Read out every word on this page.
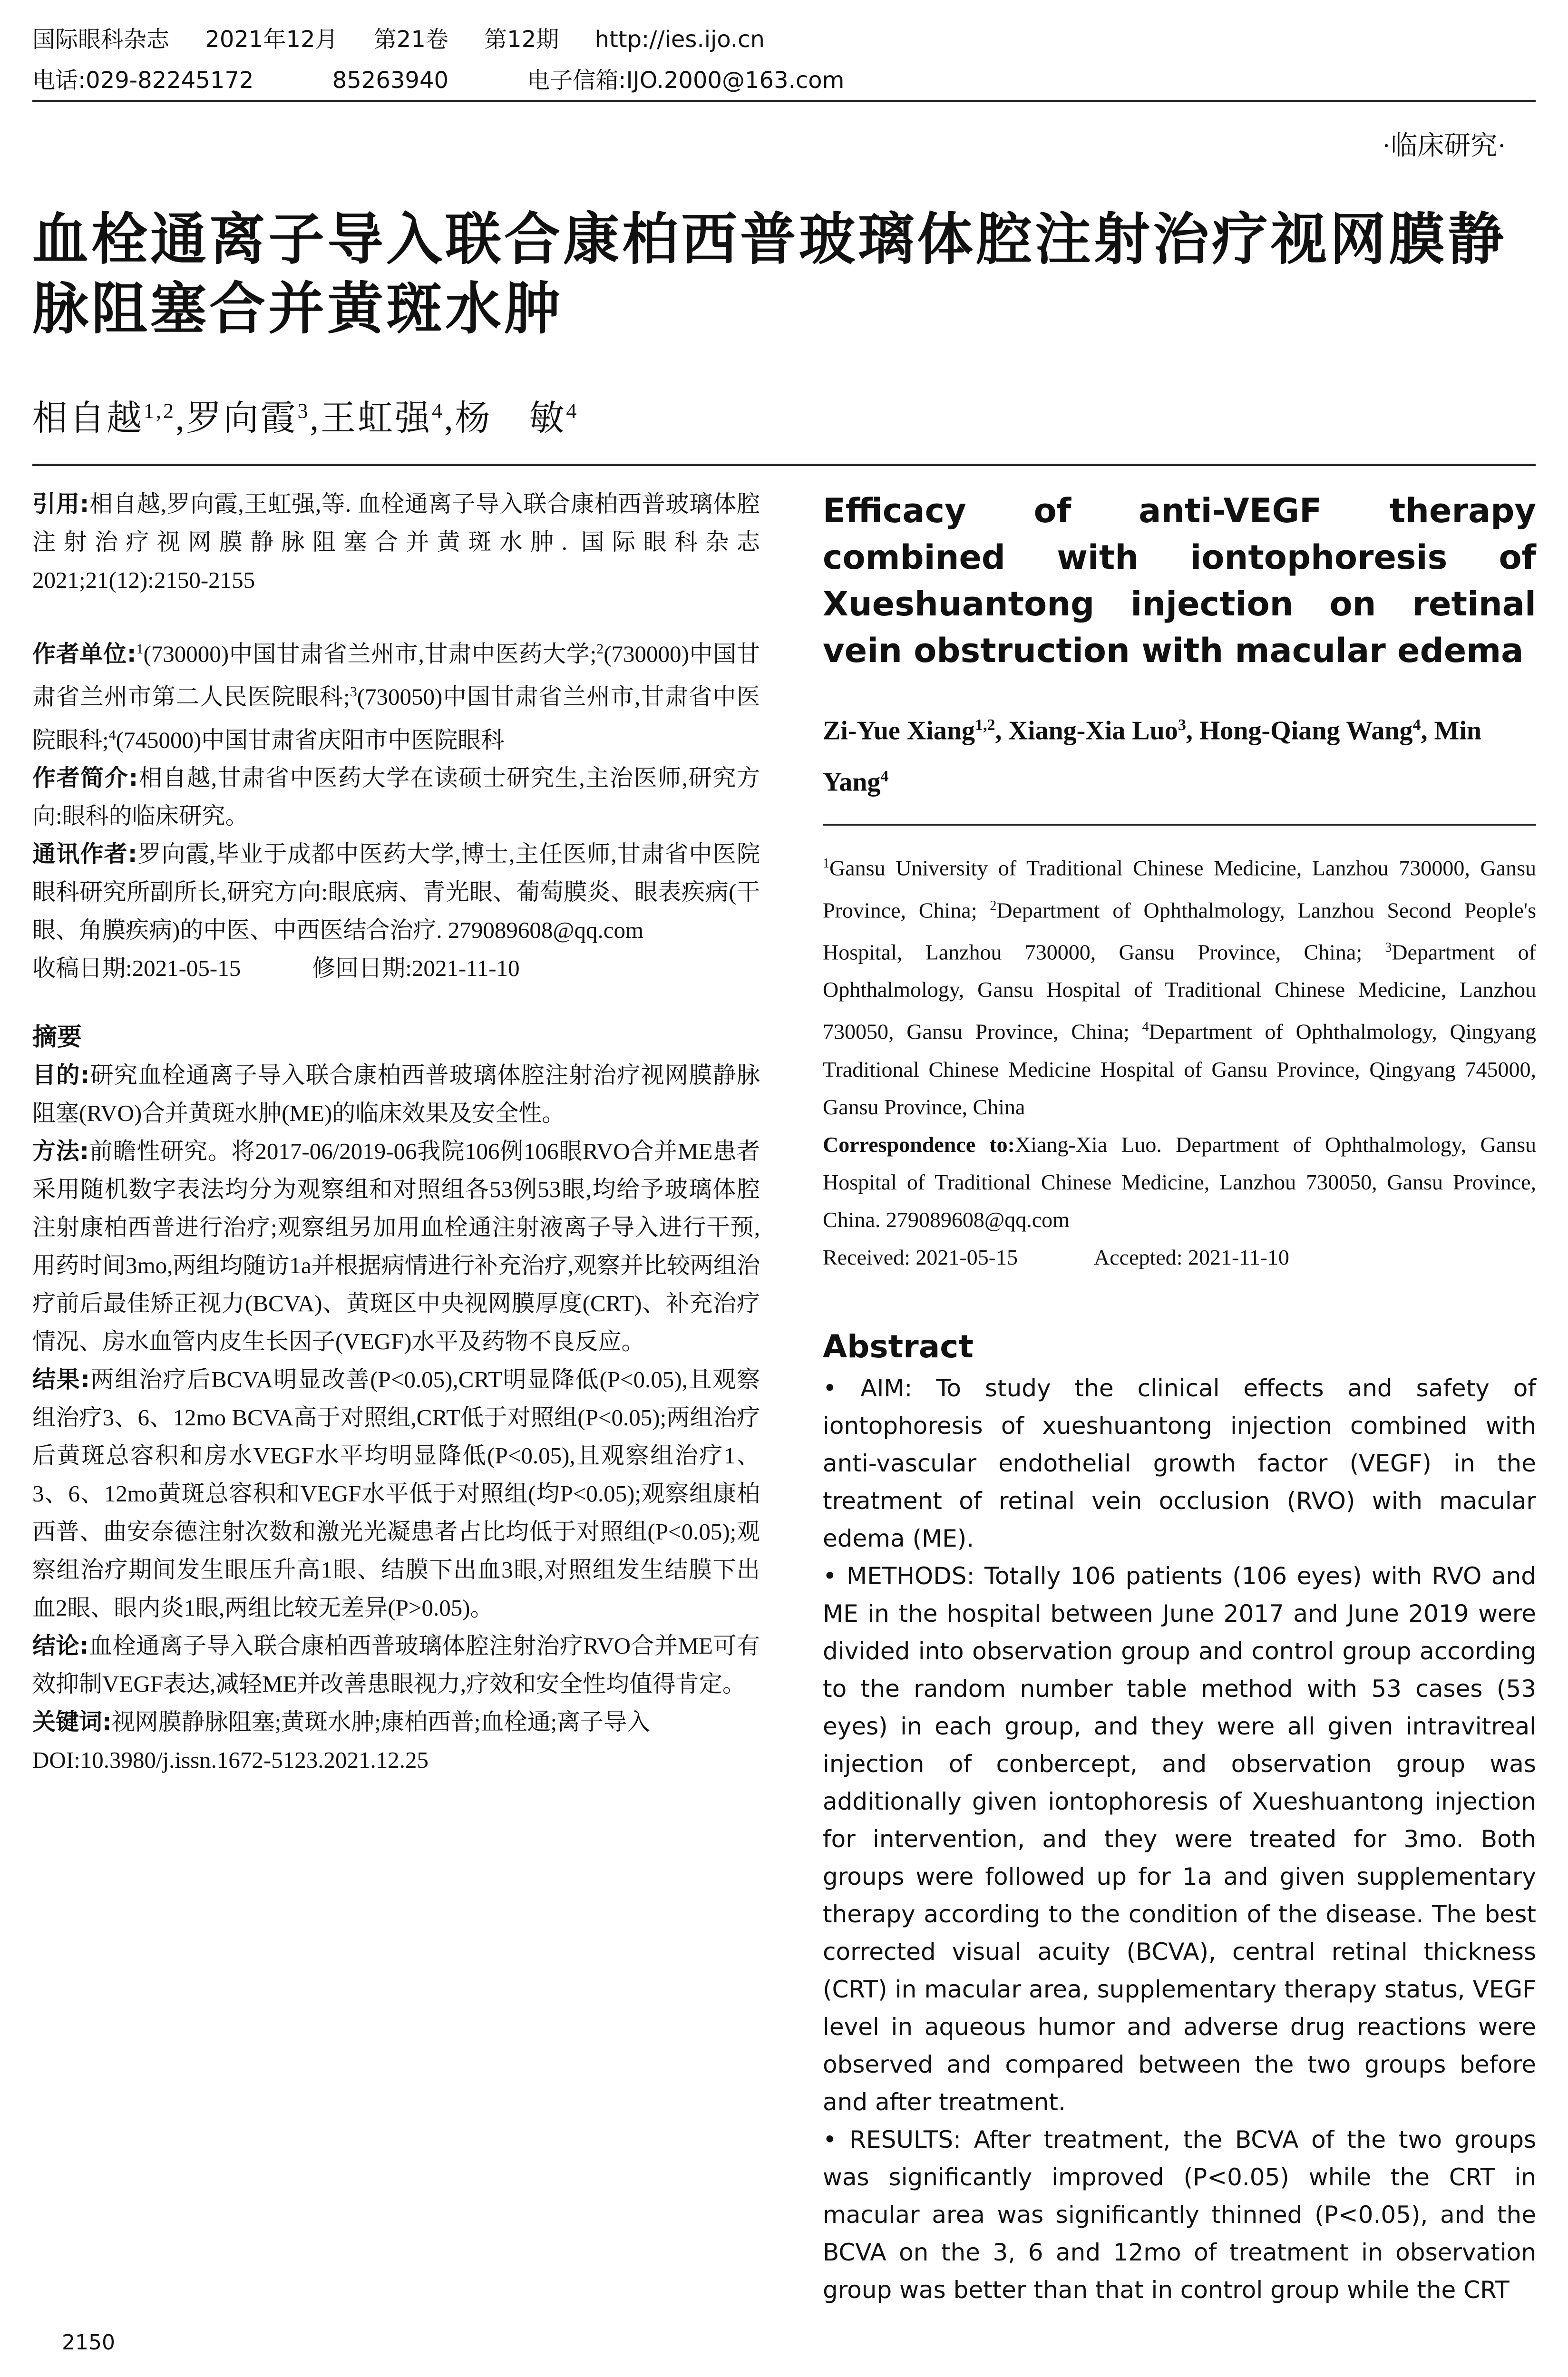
国际眼科杂志 2021年12月 第21卷 第12期 http://ies.ijo.cn
电话:029-82245172	85263940	电子信箱:IJO.2000@163.com
·临床研究·
血栓通离子导入联合康柏西普玻璃体腔注射治疗视网膜静脉阻塞合并黄斑水肿
相自越$^{1,2}$,罗向霞$^3$,王虹强$^4$,杨　敏$^4$

引用:相自越,罗向霞,王虹强,等. 血栓通离子导入联合康柏西普玻璃体腔注射治疗视网膜静脉阻塞合并黄斑水肿. 国际眼科杂志 2021;21(12):2150-2155

作者单位:$^1$(730000)中国甘肃省兰州市,甘肃中医药大学;$^2$(730000)中国甘肃省兰州市第二人民医院眼科;$^3$(730050)中国甘肃省兰州市,甘肃省中医院眼科;$^4$(745000)中国甘肃省庆阳市中医院眼科

作者简介:相自越,甘肃省中医药大学在读硕士研究生,主治医师,研究方向:眼科的临床研究。

通讯作者:罗向霞,毕业于成都中医药大学,博士,主任医师,甘肃省中医院眼科研究所副所长,研究方向:眼底病、青光眼、葡萄膜炎、眼表疾病(干眼、角膜疾病)的中医、中西医结合治疗. 279089608@qq.com

收稿日期:2021-05-15	修回日期:2021-11-10

摘要

目的:研究血栓通离子导入联合康柏西普玻璃体腔注射治疗视网膜静脉阻塞(RVO)合并黄斑水肿(ME)的临床效果及安全性。

方法:前瞻性研究。将2017-06/2019-06我院106例106眼RVO合并ME患者采用随机数字表法均分为观察组和对照组各53例53眼,均给予玻璃体腔注射康柏西普进行治疗;观察组另加用血栓通注射液离子导入进行干预,用药时间3mo,两组均随访1a并根据病情进行补充治疗,观察并比较两组治疗前后最佳矫正视力(BCVA)、黄斑区中央视网膜厚度(CRT)、补充治疗情况、房水血管内皮生长因子(VEGF)水平及药物不良反应。

结果:两组治疗后BCVA明显改善(P<0.05),CRT明显降低(P<0.05),且观察组治疗3、6、12mo BCVA高于对照组,CRT低于对照组(P<0.05);两组治疗后黄斑总容积和房水VEGF水平均明显降低(P<0.05),且观察组治疗1、3、6、12mo黄斑总容积和VEGF水平低于对照组(均P<0.05);观察组康柏西普、曲安奈德注射次数和激光光凝患者占比均低于对照组(P<0.05);观察组治疗期间发生眼压升高1眼、结膜下出血3眼,对照组发生结膜下出血2眼、眼内炎1眼,两组比较无差异(P>0.05)。

结论:血栓通离子导入联合康柏西普玻璃体腔注射治疗RVO合并ME可有效抑制VEGF表达,减轻ME并改善患眼视力,疗效和安全性均值得肯定。

关键词:视网膜静脉阻塞;黄斑水肿;康柏西普;血栓通;离子导入

DOI:10.3980/j.issn.1672-5123.2021.12.25

Efficacy of anti-VEGF therapy combined with iontophoresis of Xueshuantong injection on retinal vein obstruction with macular edema

Zi-Yue Xiang$^{1,2}$, Xiang-Xia Luo$^3$, Hong-Qiang Wang$^4$, Min Yang$^4$

$^1$Gansu University of Traditional Chinese Medicine, Lanzhou 730000, Gansu Province, China; $^2$Department of Ophthalmology, Lanzhou Second People's Hospital, Lanzhou 730000, Gansu Province, China; $^3$Department of Ophthalmology, Gansu Hospital of Traditional Chinese Medicine, Lanzhou 730050, Gansu Province, China; $^4$Department of Ophthalmology, Qingyang Traditional Chinese Medicine Hospital of Gansu Province, Qingyang 745000, Gansu Province, China

Correspondence to:Xiang-Xia Luo. Department of Ophthalmology, Gansu Hospital of Traditional Chinese Medicine, Lanzhou 730050, Gansu Province, China. 279089608@qq.com

Received: 2021-05-15	Accepted: 2021-11-10

Abstract

• AIM: To study the clinical effects and safety of iontophoresis of xueshuantong injection combined with anti-vascular endothelial growth factor (VEGF) in the treatment of retinal vein occlusion (RVO) with macular edema (ME).

• METHODS: Totally 106 patients (106 eyes) with RVO and ME in the hospital between June 2017 and June 2019 were divided into observation group and control group according to the random number table method with 53 cases (53 eyes) in each group, and they were all given intravitreal injection of conbercept, and observation group was additionally given iontophoresis of Xueshuantong injection for intervention, and they were treated for 3mo. Both groups were followed up for 1a and given supplementary therapy according to the condition of the disease. The best corrected visual acuity (BCVA), central retinal thickness (CRT) in macular area, supplementary therapy status, VEGF level in aqueous humor and adverse drug reactions were observed and compared between the two groups before and after treatment.

• RESULTS: After treatment, the BCVA of the two groups was significantly improved (P<0.05) while the CRT in macular area was significantly thinned (P<0.05), and the BCVA on the 3, 6 and 12mo of treatment in observation group was better than that in control group while the CRT

2150
